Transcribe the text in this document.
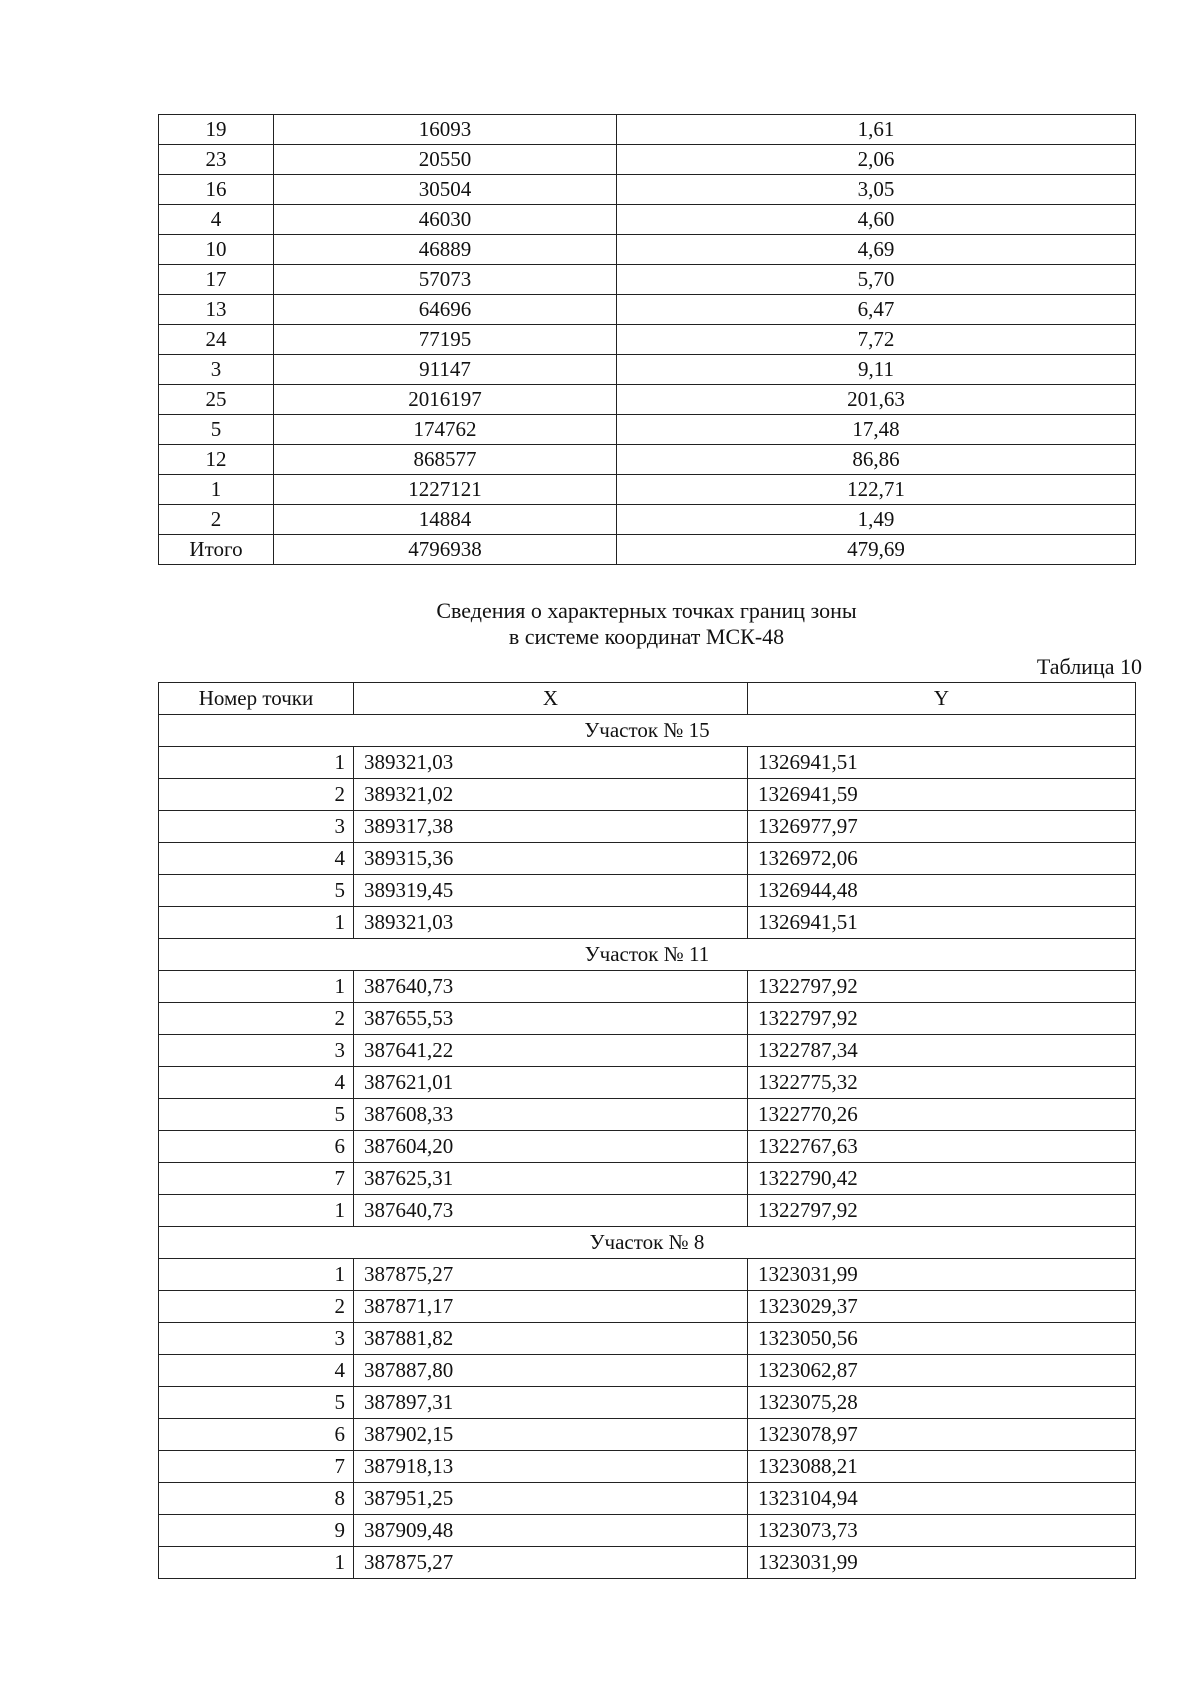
19	16093	1,61
23	20550	2,06
16	30504	3,05
4	46030	4,60
10	46889	4,69
17	57073	5,70
13	64696	6,47
24	77195	7,72
3	91147	9,11
25	2016197	201,63
5	174762	17,48
12	868577	86,86
1	1227121	122,71
2	14884	1,49
Итого	4796938	479,69
Сведения о характерных точках границ зоны
в системе координат МСК-48
Таблица 10
Номер точки	X	Y
Участок № 15		
1	389321,03	1326941,51
2	389321,02	1326941,59
3	389317,38	1326977,97
4	389315,36	1326972,06
5	389319,45	1326944,48
1	389321,03	1326941,51
Участок № 11		
1	387640,73	1322797,92
2	387655,53	1322797,92
3	387641,22	1322787,34
4	387621,01	1322775,32
5	387608,33	1322770,26
6	387604,20	1322767,63
7	387625,31	1322790,42
1	387640,73	1322797,92
Участок № 8		
1	387875,27	1323031,99
2	387871,17	1323029,37
3	387881,82	1323050,56
4	387887,80	1323062,87
5	387897,31	1323075,28
6	387902,15	1323078,97
7	387918,13	1323088,21
8	387951,25	1323104,94
9	387909,48	1323073,73
1	387875,27	1323031,99
